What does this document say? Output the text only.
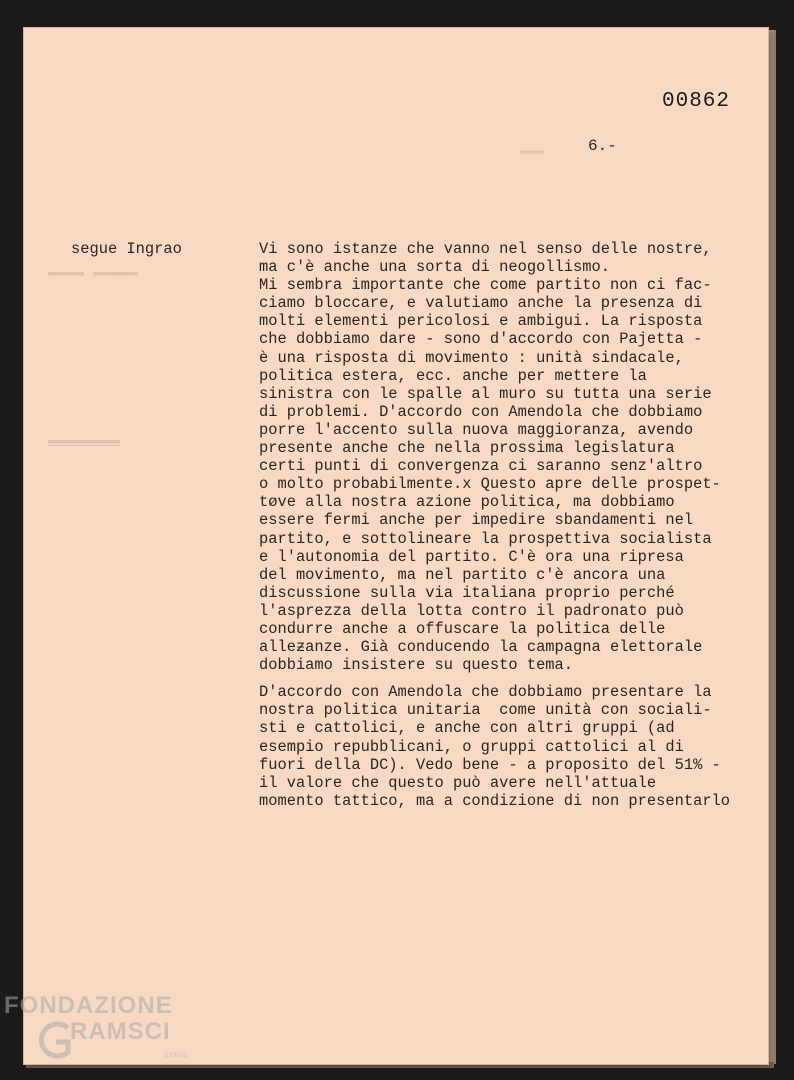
▬▬▬▬ ▬▬▬▬▬
▬▬▬▬▬▬▬▬
▬▬▬
00862
6.-
segue Ingrao	Vi sono istanze che vanno nel senso delle nostre,
ma c'è anche una sorta di neogollismo.
Mi sembra importante che come partito non ci fac-
ciamo bloccare, e valutiamo anche la presenza di
molti elementi pericolosi e ambigui. La risposta
che dobbiamo dare - sono d'accordo con Pajetta -
è una risposta di movimento : unità sindacale,
politica estera, ecc. anche per mettere la
sinistra con le spalle al muro su tutta una serie
di problemi. D'accordo con Amendola che dobbiamo
porre l'accento sulla nuova maggioranza, avendo
presente anche che nella prossima legislatura
certi punti di convergenza ci saranno senz'altro
o molto probabilmente.x Questo apre delle prospet-
tøve alla nostra azione politica, ma dobbiamo
essere fermi anche per impedire sbandamenti nel
partito, e sottolineare la prospettiva socialista
e l'autonomia del partito. C'è ora una ripresa
del movimento, ma nel partito c'è ancora una
discussione sulla via italiana proprio perché
l'asprezza della lotta contro il padronato può
condurre anche a offuscare la politica delle
alleƶanze. Già conducendo la campagna elettorale
dobbiamo insistere su questo tema.
D'accordo con Amendola che dobbiamo presentare la
nostra politica unitaria  come unità con sociali-
sti e cattolici, e anche con altri gruppi (ad
esempio repubblicani, o gruppi cattolici al di
fuori della DC). Vedo bene - a proposito del 51% -
il valore che questo può avere nell'attuale
momento tattico, ma a condizione di non presentarlo
FONDAZIONE
RAMSCI
onlus
